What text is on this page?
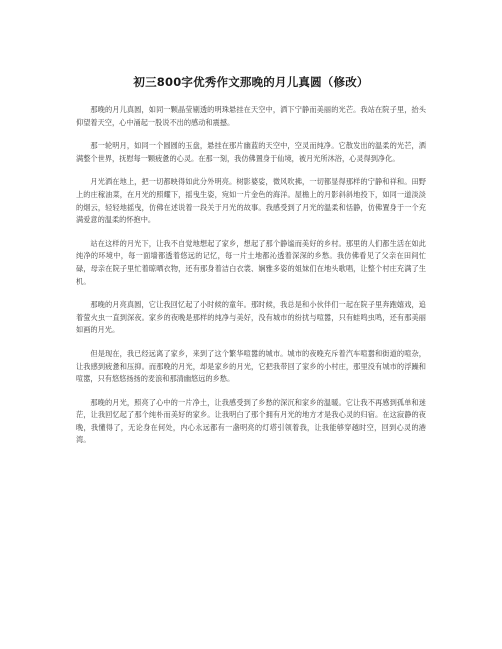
初三800字优秀作文那晚的月儿真圆（修改）

那晚的月儿真圆，如同一颗晶莹剔透的明珠悬挂在天空中，洒下宁静而美丽的光芒。我站在院子里，抬头仰望着天空，心中涌起一股说不出的感动和震撼。

那一轮明月，如同一个圆圆的玉盘，悬挂在那片幽蓝的天空中，空灵而纯净。它散发出的温柔的光芒，洒满整个世界，抚慰每一颗疲惫的心灵。在那一刻，我仿佛置身于仙境，被月光所沐浴，心灵得到净化。

月光洒在地上，把一切都映得如此分外明亮。树影婆娑，微风吹拂，一切都显得那样的宁静和祥和。田野上的庄稼油菜，在月光的照耀下，摇曳生姿，宛如一片金色的海洋。屋檐上的月影斜斜地投下，如同一道淡淡的烟云，轻轻地摇曳，仿佛在述说着一段关于月光的故事。我感受到了月光的温柔和恬静，仿佛置身于一个充满爱意的温柔的怀抱中。

站在这样的月光下，让我不自觉地想起了家乡，想起了那个静谧而美好的乡村。那里的人们都生活在如此纯净的环境中，每一面墙都透着悠远的记忆，每一片土地都沁透着深深的乡愁。我仿佛看见了父亲在田间忙碌，母亲在院子里忙着晾晒衣物，还有那身着洁白衣裳、娴雅多姿的姐妹们在地头歌唱，让整个村庄充满了生机。

那晚的月亮真圆，它让我回忆起了小时候的童年。那时候，我总是和小伙伴们一起在院子里奔跑嬉戏，追着萤火虫一直到深夜。家乡的夜晚是那样的纯净与美好，没有城市的纷扰与喧嚣，只有蛙鸣虫鸣，还有那美丽如画的月光。

但是现在，我已经远离了家乡，来到了这个繁华喧嚣的城市。城市的夜晚充斥着汽车喧嚣和街道的喧杂，让我感到疲惫和压抑。而那晚的月光，却是家乡的月光，它把我带回了家乡的小村庄，那里没有城市的浮躁和喧嚣，只有悠悠扬扬的麦浪和那清幽悠远的乡愁。

那晚的月光，照亮了心中的一片净土，让我感受到了乡愁的深沉和家乡的温暖。它让我不再感到孤单和迷茫，让我回忆起了那个纯朴而美好的家乡。让我明白了那个拥有月光的地方才是我心灵的归宿。在这寂静的夜晚，我懂得了，无论身在何处，内心永远都有一盏明亮的灯塔引领着我，让我能够穿越时空，回到心灵的港湾。
